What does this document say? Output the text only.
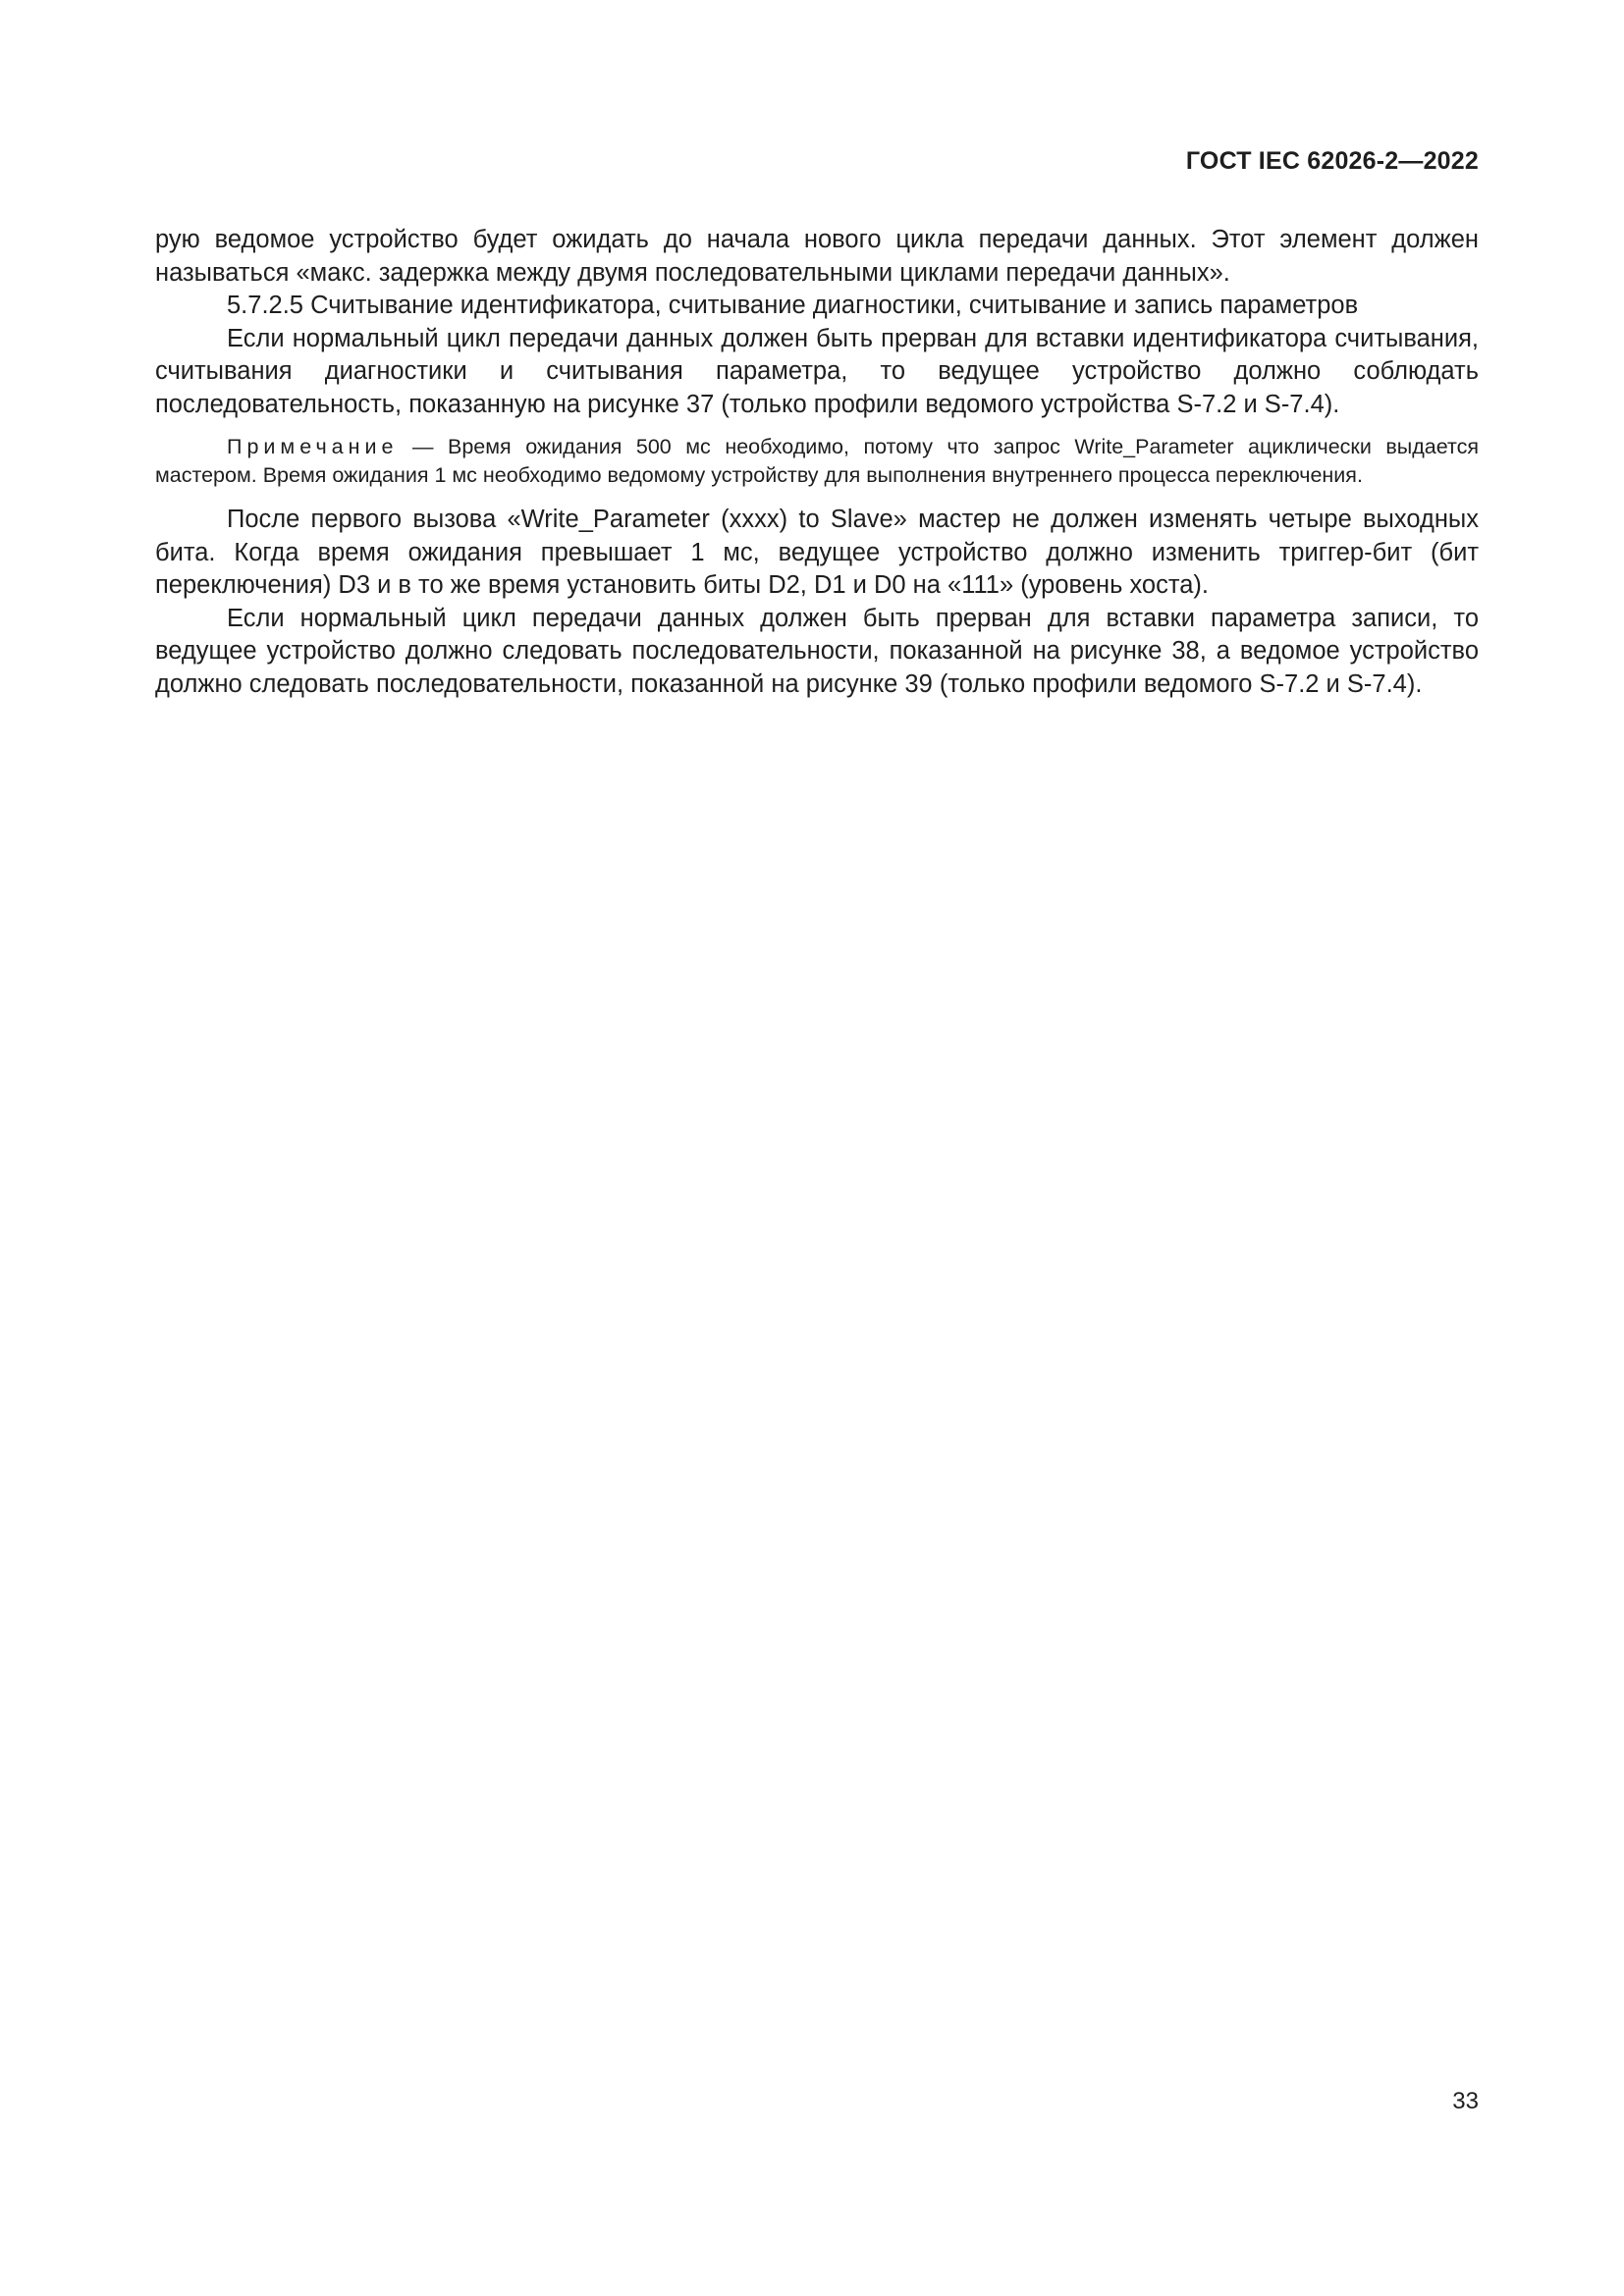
ГОСТ IEC 62026-2—2022

рую ведомое устройство будет ожидать до начала нового цикла передачи данных. Этот элемент должен называться «макс. задержка между двумя последовательными циклами передачи данных».

5.7.2.5 Считывание идентификатора, считывание диагностики, считывание и запись параметров

Если нормальный цикл передачи данных должен быть прерван для вставки идентификатора считывания, считывания диагностики и считывания параметра, то ведущее устройство должно соблюдать последовательность, показанную на рисунке 37 (только профили ведомого устройства S-7.2 и S-7.4).

Примечание — Время ожидания 500 мс необходимо, потому что запрос Write_Parameter ациклически выдается мастером. Время ожидания 1 мс необходимо ведомому устройству для выполнения внутреннего процесса переключения.

После первого вызова «Write_Parameter (xxxx) to Slave» мастер не должен изменять четыре выходных бита. Когда время ожидания превышает 1 мс, ведущее устройство должно изменить триггер-бит (бит переключения) D3 и в то же время установить биты D2, D1 и D0 на «111» (уровень хоста).

Если нормальный цикл передачи данных должен быть прерван для вставки параметра записи, то ведущее устройство должно следовать последовательности, показанной на рисунке 38, а ведомое устройство должно следовать последовательности, показанной на рисунке 39 (только профили ведомого S-7.2 и S-7.4).

33
